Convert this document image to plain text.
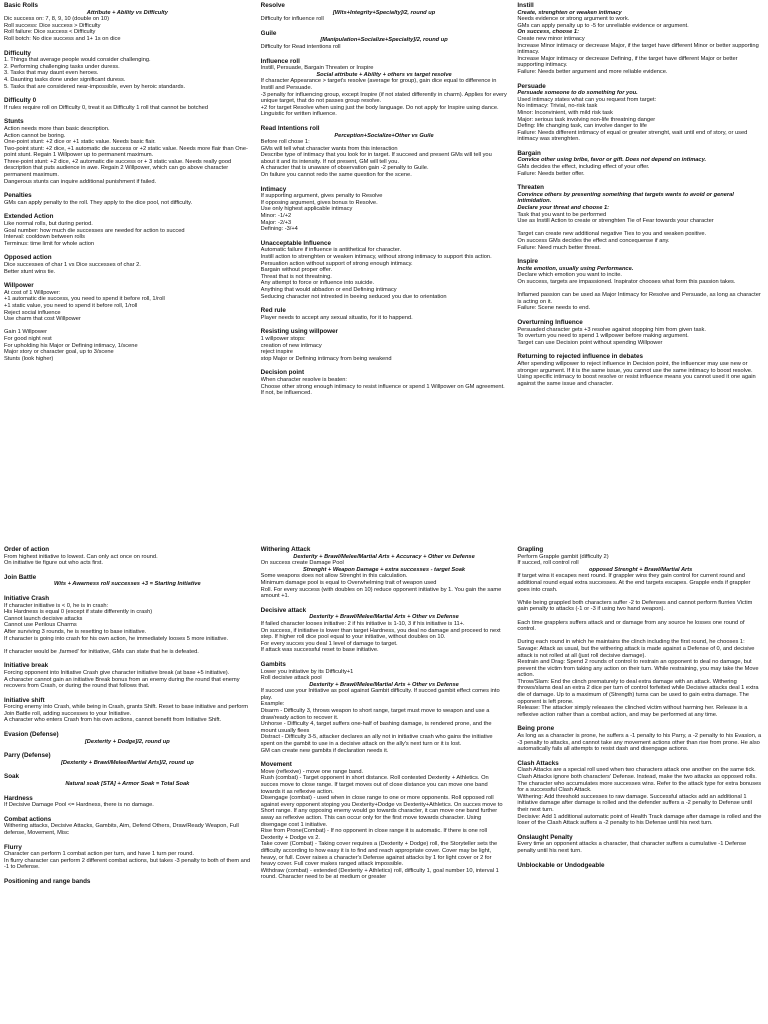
Basic Rolls
Attribute + Ability vs Difficulty
Dic success on: 7, 8, 9, 10 (double on 10)
Roll success: Dice success > Difficulty
Roll failure: Dice success < Difficulty
Roll botch: No dice success and 1+ 1s on dice
Difficulty
1. Things that average people would consider challenging.
2. Performing challenging tasks under duress.
3. Tasks that may daunt even heroes.
4. Daunting tasks done under significant duress.
5. Tasks that are considered near-impossible, even by heroic standards.
Difficulty 0
If rules require roll on Difficulty 0, treat it as Difficulty 1 roll that cannot be botched
Stunts
Action needs more than basic description.
Action cannot be boring.
One-point stunt: +2 dice or +1 static value. Needs basic flair.
Two-point stunt: +2 dice, +1 automatic die success or +2 static value. Needs more flair than One-point stunt. Regain 1 Willpower up to permanent maximum.
Three-point stunt: +2 dice, +2 automatic die success or + 3 static value. Needs really good description that puts audience in awe. Regain 2 Willpower, which can go above character permanent maximum.
Dangerous stunts can inquire additional punishment if failed.
Penalties
GMs can apply penalty to the roll. They apply to the dice pool, not difficulty.
Extended Action
Like normal rolls, but during period.
Goal number: how much die successes are needed for action to succed
Interval: cooldown between rolls
Terminus: time limit for whole action
Opposed action
Dice successes of char 1 vs Dice successes of char 2.
Better stunt wins tie.
Willpower
At cost of 1 Willpower:
+1 automatic die success, you need to spend it before roll, 1/roll
+1 static value, you need to spend it before roll, 1/roll
Reject social influence
Use charm that cost Willpower

Gain 1 Willpower
For good night rest
For upholding his Major or Defining intimacy, 1/scene
Major story or character goal, up to 3/scene
Stunts (look higher)
Resolve
[Wits+Integrity+Specialty]/2, round up
Difficulty for influence roll
Guile
[Manipulation+Socialize+Specialty]/2, round up
Difficulty for Read intentions roll
Influence roll
Instill, Persuade, Bargain Threaten or Inspire
Social attribute + Ability + others vs target resolve
If character Appearance > target's resolve (average for group), gain dice equal to difference in Instill and Persuade.
-3 penalty for influencing group, except Inspire (if not stated differently in charm). Applies for every unique target, that do not passes group resolve.
+2 for target Resolve when using just the body language. Do not apply for Inspire using dance.
Linguistic for written influence.
Read Intentions roll
Perception+Socialize+Other vs Guile
Before roll chose 1:
GMs will tell what character wants from this interaction
Describe type of intimacy that you look for in target. If succeed and present GMs will tell you about it and its intensity. If not present, GM will tell you.
A character that is unaware of observation gain -2 penalty to Guile.
On failure you cannot redo the same question for the scene.
Intimacy
If supporting argument, gives penalty to Resolve
If opposing argument, gives bonus to Resolve.
Use only highest applicable intimacy
Minor: -1/+2
Major: -2/+3
Defining: -3/+4
Unacceptable Influence
Automatic failure if influence is antithetical for character.
Instill action to strenghten or weaken intimacy, without strong intimacy to support this action.
Persuation action without support of strong enough intimacy.
Bargain without proper offer.
Threat that is not threatning.
Any attempt to force or influence into suicide.
Anything that would abbadon or end Defining intimacy
Seducing character not intrested in beeing seduced you due to orientation
Red rule
Player needs to accept any sexual situatio, for it to happend.
Resisting using willpower
1 willpower stops:
creation of new intimacy
reject inspire
stop Major or Defining intimacy from being weakend
Decision point
When character resolve is beaten:
Choose other strong enough intimacy to resist influence or spend 1 Willpower on GM agreement.
If not, be influenced.
Instill
Create, strenghten or weaken intimacy
Needs evidence or strong argument to work.
GMs can apply penalty up to -5 for unreliable evidence or argument.
On success, choose 1:
Create new minor intimacy
Increase Minor intimacy or decrease Major, if the target have different Minor or better supporting intimacy.
Increase Major intimacy or decrease Defining, if the target have different Major or better supporting intimacy.
Failure: Needs better argument and more reliable evidence.
Persuade
Persuade someone to do something for you.
Used intimacy states what can you request from target:
No intimacy: Trivial, no-risk task
Minor: Inconvinient, with mild risk task
Major: serious task involving non-life threatning danger
Defing: life changing task, can involve danger to life
Failure: Needs different intimacy of equal or greater strenght, wait until end of story, or used intimacy was strenghten.
Bargain
Convice other using bribe, favor or gift. Does not depend on intimacy.
GMs decides the effect, including effect of your offer.
Failure: Needs better offer.
Threaten
Convince others by presenting something that targets wants to avoid or general intimidation.
Declare your threat and choose 1:
Task that you want to be performed
Use as Instill Action to create or strenghten Tie of Fear towards your character

Target can create new additional negative Ties to you and weaken positive.
On success GMs decides the effect and concequense if any.
Failure: Need much better threat.
Inspire
Incite emotion, usually using Performance.
Declare which emotion you want to incite.
On success, targets are impassioned. Inspirator chooses what form this passion takes.

Inflamed passion can be used as Major Intimacy for Resolve and Persuade, as long as character is acting on it.
Failure: Scene needs to end.
Overturning Influence
Persuaded character gets +3 resolve against stopping him from given task.
To overturn you need to spend 1 willpower before making argument.
Target can use Decision point without spending Willpower
Returning to rejected influence in debates
After spending willpower to reject influence in Decision point, the influencer may use new or stronger argument. If it is the same issue, you cannot use the same intimacy to boost resolve.
Using specific intimacy to boost resolve or resist influence means you cannot used it one again against the same issue and character.
Order of action
From highest initiative to lowest. Can only act once on round.
On initiative tie figure out who acts first.
Join Battle
Wits + Awarness roll successes +3 = Starting Initiative
Initiative Crash
If character initiative is < 0, he is in crash:
His Hardness is equal 0 (except if state differently in crash)
Cannot launch decisive attacks
Cannot use Perilous Charms
After surviving 3 rounds, he is resetting to base initiative.
If character is going into crash for his own action, he immediately looses 5 more initiative.

If character would be ,farmed' for initiative, GMs can state that he is defeated.
Initiative break
Forcing opponent into Initiative Crash give character initiative break (at base +5 initiative).
A character cannot gain an initiative Break bonus from an enemy during the round that enemy recovers from Crash, or during the round that follows that.
Initiative shift
Forcing enemy into Crash, while being in Crash, grants Shift. Reset to base initiative and perform Join Battle roll, adding successes to your Initiative.
A character who enters Crash from his own actions, cannot benefit from Initiative Shift.
Evasion (Defense)
[Dexterity + Dodge]/2, round up
Parry (Defense)
[Dexterity + Brawl/Melee/Martial Arts]/2, round up
Soak
Natural soak [STA] + Armor Soak = Total Soak
Hardness
If Decisive Damage Pool <= Hardness, there is no damage.
Combat actions
Withering attacks, Decisive Attacks, Gambits, Aim, Defend Others, Draw/Ready Weapon, Full defense, Movement, Misc
Flurry
Character can perform 1 combat action per turn, and have 1 turn per round.
In flurry character can perform 2 different combat actions, but takes -3 penalty to both of them and -1 to Defense.
Positioning and range bands
Withering Attack
Dexterity + Brawl/Melee/Martial Arts + Accuracy + Other vs Defense
On success create Damage Pool
Strenght + Weapon Damage + extra successes - target Soak
Some weapons does not allow Strenght in this calculation.
Minimum damage pool is equal to Overwhelming trait of weapon used
Roll. For every success (with doubles on 10) reduce opponent initiative by 1. You gain the same amount +1.
Decisive attack
Dexterity + Brawl/Melee/Martial Arts + Other vs Defense
If failed character looses initiative: 2 if his initiative is 1-10, 3 if his initiative is 11+.
On success, if initiative is lower than target Hardness, you deal no damage and proceed to next step. If higher roll dice pool equal to your initiative, without doubles on 10.
For every succes you deal 1 level of damage to target.
If attack was successful reset to base initiative.
Gambits
Lower you initiative by its Difficulty+1
Roll decisive attack pool
Dexterity + Brawl/Melee/Martial Arts + Other vs Defense
If succed use your Initiative as pool against Gambit difficulty. If succed gambit effect comes into play.
Example:
Disarm - Difficulty 3, throws weapon to short range, target must move to weapon and use a draw/ready action to recover it.
Unhorse - Difficulty 4, target suffers one-half of bashing damage, is rendered prone, and the mount usually flees
Distract - Difficulty 3-5, attacker declares an ally not in initiative crash who gains the initiative spent on the gambit to use in a decisive attack on the ally's next turn or it is lost.
GM can create new gambits if declaration needs it.
Movement
Move (reflexive) - move one range band.
Rush (combat) - Target opponent in short distance. Roll contested Dexterity + Athletics. On succes move to close range. If target moves out of close distance you can move one band towards it as reflexive action.
Disengage (combat) - used when in close range to one or more opponents. Roll opposed roll against every opponent stoping you Dexterity+Dodge vs Dexterity+Athletics. On succes move to Short range. If any opposing enemy would go towards character, it can move one band further away as reflexive action. This can occur only for the first move towards character. Using disengage cost 1 initiative.
Rise from Prone(Combat) - If no opponent in close range it is automatic. If there is one roll Dexterity + Dodge vs 2.
Take cover (Combat) - Taking cover requires a (Dexterity + Dodge) roll, the Storyteller sets the difficulty according to how easy it is to find and reach appropriate cover. Cover may be light, heavy, or full. Cover raises a character's Defense against attacks by 1 for light cover or 2 for heavy cover. Full cover makes ranged attack impossible.
Withdraw (combat) - extended (Dexterity + Athletics) roll, difficulty 1, goal number 10, interval 1 round. Character need to be at medium or greater
Grapling
Perform Grapple gambit (difficulty 2)
If succed, roll control roll
opposed Strenght + Brawl/Martial Arts
If target wins it escapes next round. If grappler wins they gain control for current round and additional round equal extra successes. At the end targets escapes. Grapple ends if grappler goes into crash.

While being grappled both characters suffer -2 to Defenses and cannot perform flurries Victim gain penalty to attacks (-1 or -3 if using two hand weapon).

Each time grapplers suffers attack and or damage from any source he losses one round of control.

During each round in which he maintains the clinch including the first round, he chooses 1:
Savage: Attack as usual, but the withering attack is made against a Defense of 0, and decisive attack is not rolled at all (just roll decisive damage).
Restrain and Drag: Spend 2 rounds of control to restrain an opponent to deal no damage, but prevent the victim from taking any action on their turn. While restraining, you may take the Move action.
Throw/Slam: End the clinch prematurely to deal extra damage with an attack. Withering throws/slams deal an extra 2 dice per turn of control forfeited while Decisive attacks deal 1 extra die of damage. Up to a maximum of (Strength) turns can be used to gain extra damage. The opponent is left prone.
Release: The attacker simply releases the clinched victim without harming her. Release is a reflexive action rather than a combat action, and may be performed at any time.
Being prone
As long as a character is prone, he suffers a -1 penalty to his Parry, a -2 penalty to his Evasion, a -3 penalty to attacks, and cannot take any movement actions other than rise from prone. He also automatically fails all attempts to resist dash and disengage actions.
Clash Attacks
Clash Attacks are a special roll used when two characters attack one another on the same tick. Clash Attacks ignore both characters' Defense. Instead, make the two attacks as opposed rolls. The character who accumulates more successes wins. Refer to the attack type for extra bonuses for a successful Clash Attack.
Withering: Add threshold successes to raw damage. Successful attacks add an additional 1 initiative damage after damage is rolled and the defender suffers a -2 penalty to Defense until their next turn.
Decisive: Add 1 additional automatic point of Health Track damage after damage is rolled and the loser of the Clash Attack suffers a -2 penalty to his Defense until his next turn.
Onslaught Penalty
Every time an opponent attacks a character, that character suffers a cumulative -1 Defense penalty until his next turn.
Unblockable or Undodgeable
